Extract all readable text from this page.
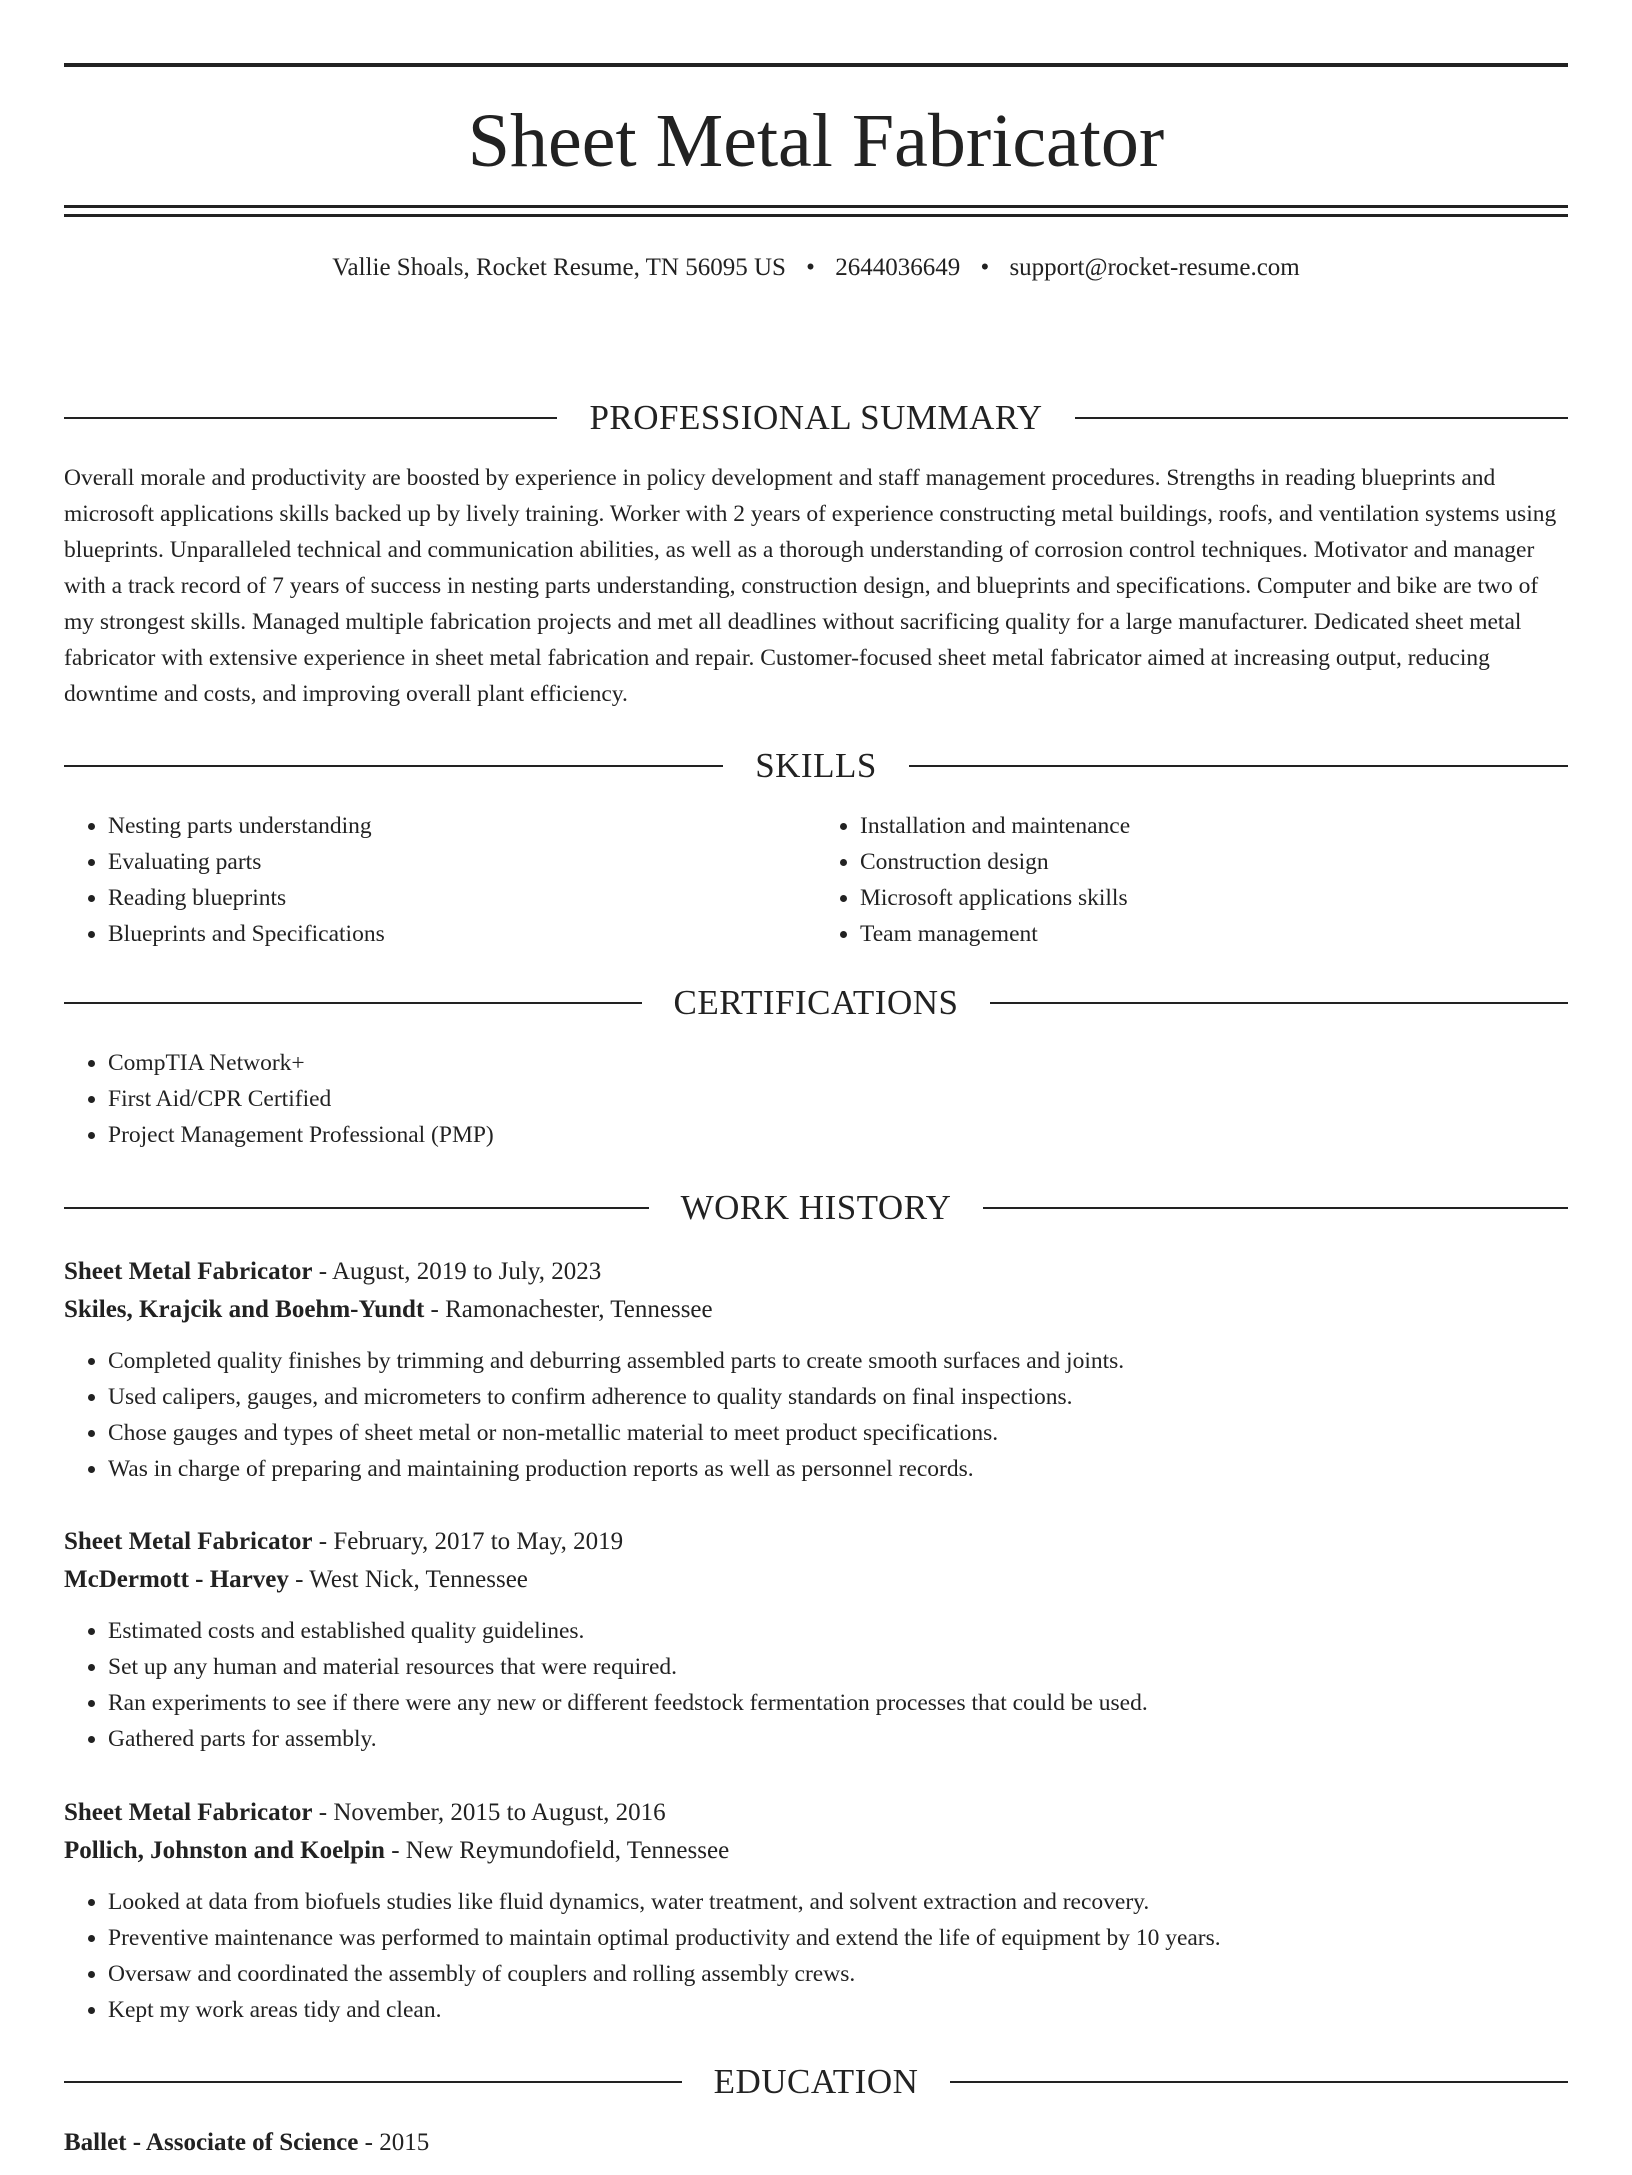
Sheet Metal Fabricator
Vallie Shoals, Rocket Resume, TN 56095 US • 2644036649 • support@rocket-resume.com
PROFESSIONAL SUMMARY

Overall morale and productivity are boosted by experience in policy development and staff management procedures. Strengths in reading blueprints and microsoft applications skills backed up by lively training. Worker with 2 years of experience constructing metal buildings, roofs, and ventilation systems using blueprints. Unparalleled technical and communication abilities, as well as a thorough understanding of corrosion control techniques. Motivator and manager with a track record of 7 years of success in nesting parts understanding, construction design, and blueprints and specifications. Computer and bike are two of my strongest skills. Managed multiple fabrication projects and met all deadlines without sacrificing quality for a large manufacturer. Dedicated sheet metal fabricator with extensive experience in sheet metal fabrication and repair. Customer-focused sheet metal fabricator aimed at increasing output, reducing downtime and costs, and improving overall plant efficiency.

SKILLS
• Nesting parts understanding
• Evaluating parts
• Reading blueprints
• Blueprints and Specifications
• Installation and maintenance
• Construction design
• Microsoft applications skills
• Team management
CERTIFICATIONS
• CompTIA Network+
• First Aid/CPR Certified
• Project Management Professional (PMP)
WORK HISTORY
Sheet Metal Fabricator - August, 2019 to July, 2023
Skiles, Krajcik and Boehm-Yundt - Ramonachester, Tennessee
• Completed quality finishes by trimming and deburring assembled parts to create smooth surfaces and joints.
• Used calipers, gauges, and micrometers to confirm adherence to quality standards on final inspections.
• Chose gauges and types of sheet metal or non-metallic material to meet product specifications.
• Was in charge of preparing and maintaining production reports as well as personnel records.
Sheet Metal Fabricator - February, 2017 to May, 2019
McDermott - Harvey - West Nick, Tennessee
• Estimated costs and established quality guidelines.
• Set up any human and material resources that were required.
• Ran experiments to see if there were any new or different feedstock fermentation processes that could be used.
• Gathered parts for assembly.
Sheet Metal Fabricator - November, 2015 to August, 2016
Pollich, Johnston and Koelpin - New Reymundofield, Tennessee
• Looked at data from biofuels studies like fluid dynamics, water treatment, and solvent extraction and recovery.
• Preventive maintenance was performed to maintain optimal productivity and extend the life of equipment by 10 years.
• Oversaw and coordinated the assembly of couplers and rolling assembly crews.
• Kept my work areas tidy and clean.
EDUCATION
Ballet - Associate of Science - 2015
